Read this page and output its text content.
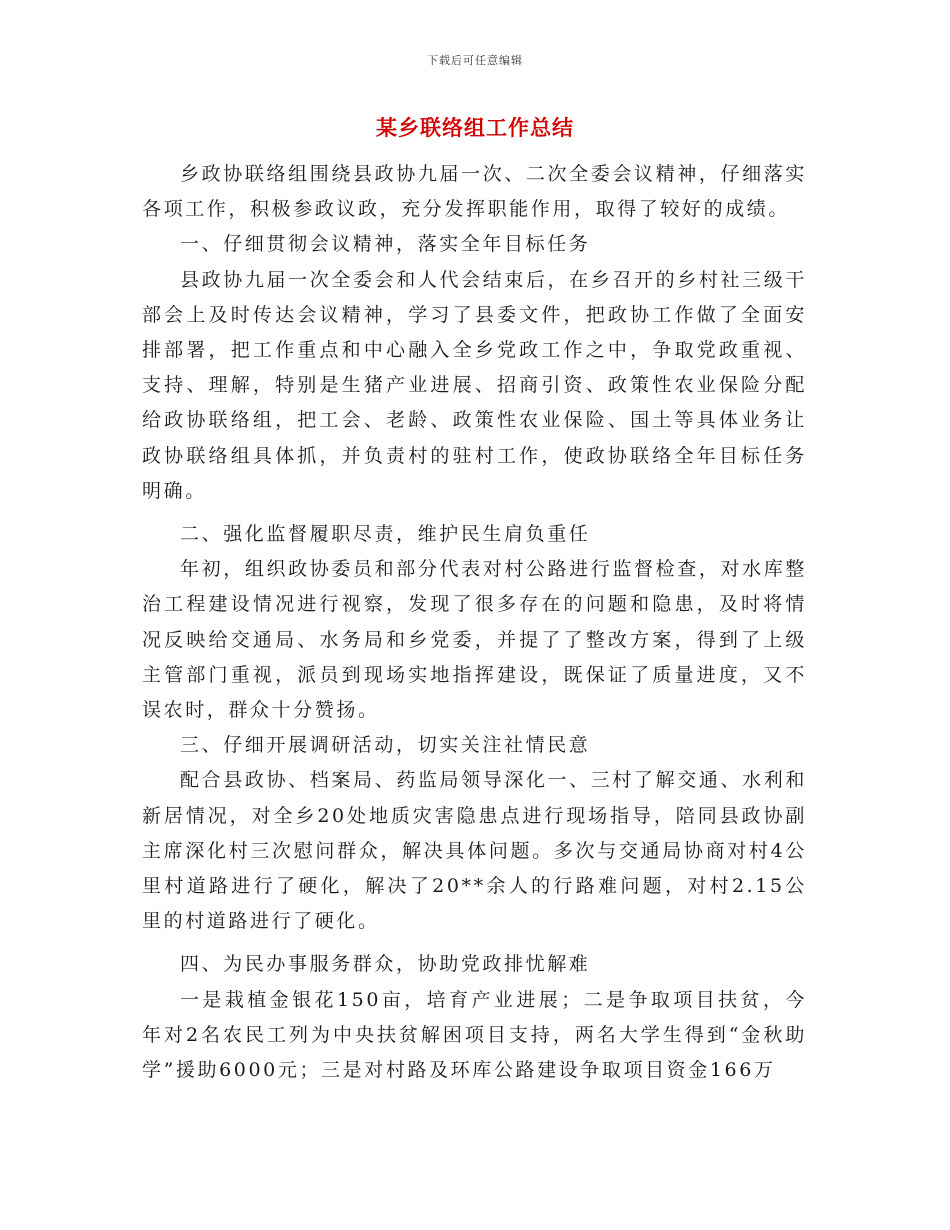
下载后可任意编辑
某乡联络组工作总结

乡政协联络组围绕县政协九届一次、二次全委会议精神，仔细落实各项工作，积极参政议政，充分发挥职能作用，取得了较好的成绩。

一、仔细贯彻会议精神，落实全年目标任务

县政协九届一次全委会和人代会结束后，在乡召开的乡村社三级干部会上及时传达会议精神，学习了县委文件，把政协工作做了全面安排部署，把工作重点和中心融入全乡党政工作之中，争取党政重视、支持、理解，特别是生猪产业进展、招商引资、政策性农业保险分配给政协联络组，把工会、老龄、政策性农业保险、国土等具体业务让政协联络组具体抓，并负责村的驻村工作，使政协联络全年目标任务明确。

二、强化监督履职尽责，维护民生肩负重任

年初，组织政协委员和部分代表对村公路进行监督检查，对水库整治工程建设情况进行视察，发现了很多存在的问题和隐患，及时将情况反映给交通局、水务局和乡党委，并提了了整改方案，得到了上级主管部门重视，派员到现场实地指挥建设，既保证了质量进度，又不误农时，群众十分赞扬。

三、仔细开展调研活动，切实关注社情民意

配合县政协、档案局、药监局领导深化一、三村了解交通、水利和新居情况，对全乡20处地质灾害隐患点进行现场指导，陪同县政协副主席深化村三次慰问群众，解决具体问题。多次与交通局协商对村4公里村道路进行了硬化，解决了20**余人的行路难问题，对村2.15公里的村道路进行了硬化。

四、为民办事服务群众，协助党政排忧解难

一是栽植金银花150亩，培育产业进展；二是争取项目扶贫，今年对2名农民工列为中央扶贫解困项目支持，两名大学生得到“金秋助学”援助6000元；三是对村路及环库公路建设争取项目资金166万
